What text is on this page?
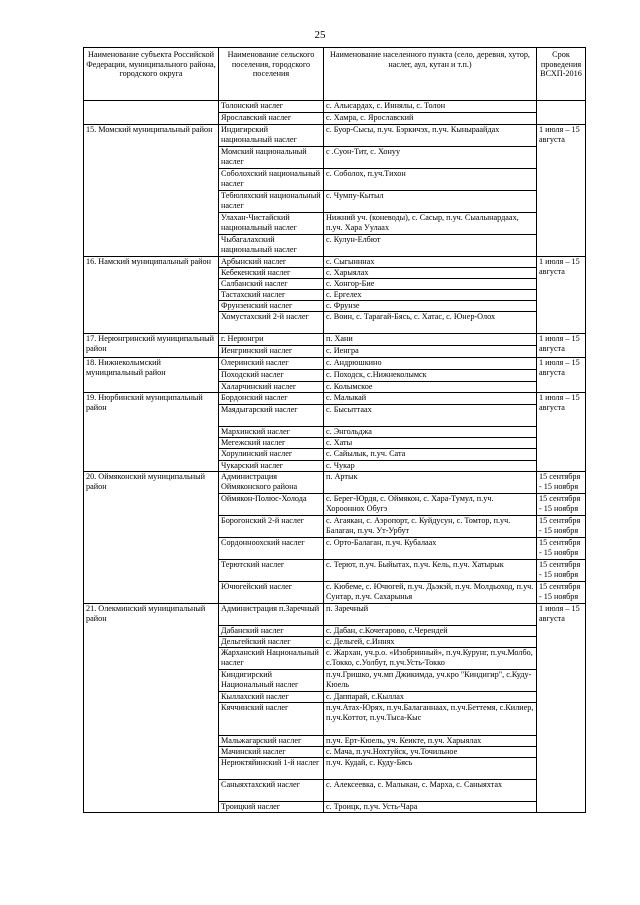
25
Наименование субъекта Российской Федерации, муниципального района, городского округа	Наименование сельского поселения, городского поселения	Наименование населенного пункта (село, деревня, хутор, наслег, аул, кутан и т.п.)	Срок проведения ВСХП-2016
	Толонский наслег	с. Алысардах, с. Иннялы, с. Толон	
	Ярославский наслег	с. Хамра, с. Ярославский	
15. Момский муниципальный район	Индигирский национальный наслег	с. Буор-Сысы, п.уч. Бэркичэх, п.уч. Кыныраайдах	1 июля – 15 августа
	Момский национальный наслег	с .Суон-Тит, с. Хонуу	
	Соболохский национальный наслег	с. Соболох, п.уч.Тихон	
	Тебюляхский национальный наслег	с. Чумпу-Кытыл	
	Улахан-Чистайский национальный наслег	Нижний уч. (коневоды), с. Сасыр, п.уч. Сыалынардаах, п.уч. Хара Уулаах	
	Чыбагалахский национальный наслег	с. Кулун-Елбют	
16. Намский муниципальный район	Арбынский наслег	с. Сыгынннах	1 июля – 15 августа
	Кебекенский наслег	с. Харыялах	
	Салбанский наслег	с. Хонгор-Бие	
	Тастахский наслег	с. Ергелех	
	Фрунзенский наслег	с. Фрунзе	
	Хомустахский 2-й наслег	с. Воин, с. Тарагай-Бясь, с. Хатас, с. Юнер-Олох	
17. Нерюнгринский муниципальный район	г. Нерюнгри	п. Хани	1 июля – 15 августа
	Иенгринский наслег	с. Иенгра	
18. Нижнеколымский муниципальный район	Олеринский наслег	с. Андрюшкино	1 июля – 15 августа
	Походский наслег	с. Походск, с.Нижнеколымск	
	Халарчинский наслег	с. Колымское	
19. Нюрбинский муниципальный район	Бордонский наслег	с. Малыкай	1 июля – 15 августа
	Маядыгарский наслег	с. Бысыттаах	
	Мархинский наслег	с. Энгольджа	
	Мегежский наслег	с. Хаты	
	Хорулинский наслег	с. Сайылык, п.уч. Сата	
	Чукарский наслег	с. Чукар	
20. Оймяконский муниципальный район	Администрация Оймяконского района	п. Артык	15 сентября - 15 ноября
	Оймякон-Полюс-Холода	с. Берег-Юрдя, с. Оймякон, с. Хара-Тумул, п.уч. Хорооннох Обугэ	15 сентября - 15 ноября
	Борогонский 2-й наслег	с. Агаякан, с. Аэропорт, с. Куйдусун, с. Томтор, п.уч. Балаган, п.уч. Ут-Урбут	15 сентября - 15 ноября
	Сордонноохский наслег	с. Орто-Балаган, п.уч. Кубалаах	15 сентября - 15 ноября
	Терютский наслег	с. Терют, п.уч. Быйытах, п.уч. Кель, п.уч. Хатырык	15 сентября - 15 ноября
	Ючюгейский наслег	с. Кюбеме, с. Ючюгей, п.уч. Дьэкэй, п.уч. Молдьоход, п.уч. Сунтар, п.уч. Сахарынья	15 сентября - 15 ноября
21. Олекминский муниципальный район	Администрация п.Заречный	п. Заречный	1 июля – 15 августа
	Дабанский наслег	с. Дабан, с.Кочегарово, с.Черендей	
	Дельгейский наслег	с. Дельгей, с.Иннях	
	Жарханский Национальный наслег	с. Жархан, уч.р.о. «Изобринный», п.уч.Курунг, п.уч.Молбо, с.Токко, с.Уолбут, п.уч.Усть-Токко	
	Киндигирский Национальный наслег	п.уч.Гришко, уч.мп Джикимда, уч.кро "Киндигир", с.Куду-Кюель	
	Кыллахский наслег	с. Даппарай, с.Кыллах	
	Кяччинский наслег	п.уч.Атах-Юрях, п.уч.Балаганнаах, п.уч.Беттемя, с.Килиер, п.уч.Коттот, п.уч.Тыса-Кыс	
	Мальжагарский наслег	п.уч. Ерт-Кюель, уч. Кеикте, п.уч. Харыялах	
	Мачинский наслег	с. Мача, п.уч.Нохтуйск, уч.Точильное	
	Нерюктяйинский 1-й наслег	п.уч. Кудай, с. Куду-Бясь	
	Саныяхтахский наслег	с. Алексеевка, с. Малыкан, с. Марха, с. Саныяхтах	
	Троицкий наслег	с. Троицк, п.уч. Усть-Чара	
